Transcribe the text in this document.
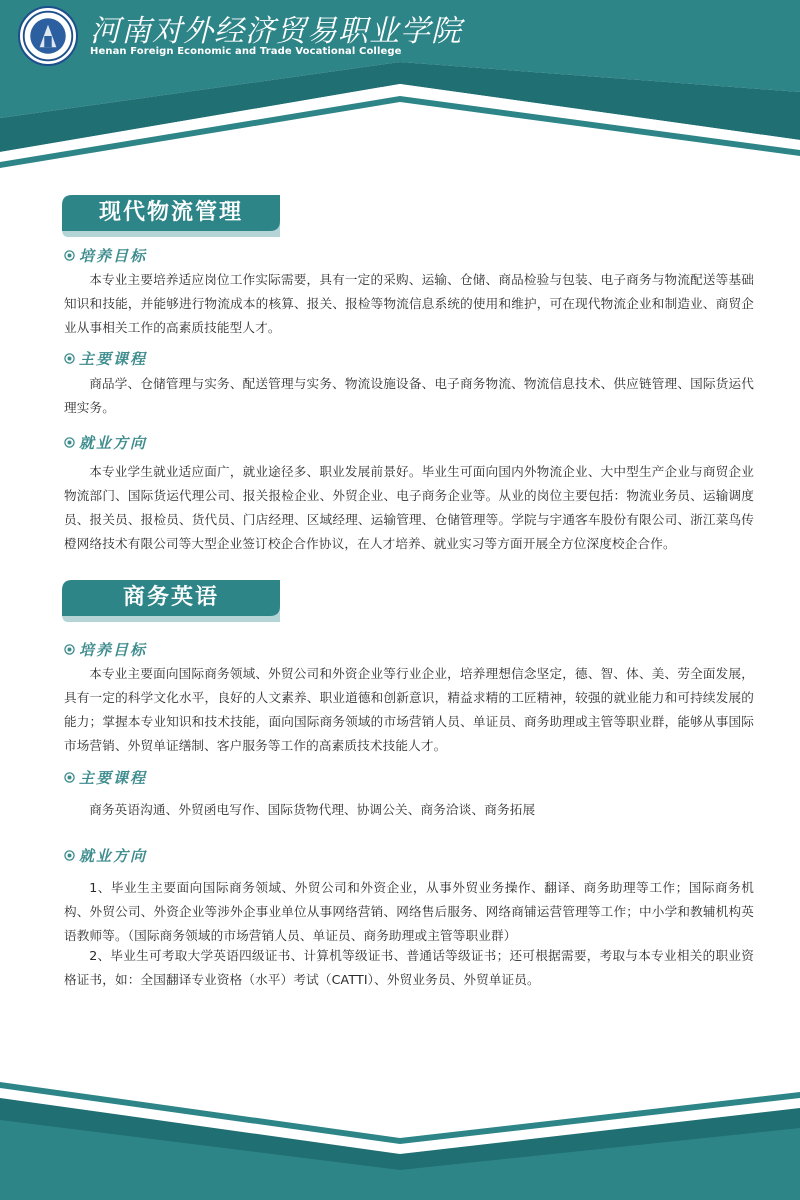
河南对外经济贸易职业学院
Henan Foreign Economic and Trade Vocational College
现代物流管理
培养目标

本专业主要培养适应岗位工作实际需要，具有一定的采购、运输、仓储、商品检验与包装、电子商务与物流配送等基础知识和技能，并能够进行物流成本的核算、报关、报检等物流信息系统的使用和维护，可在现代物流企业和制造业、商贸企业从事相关工作的高素质技能型人才。

主要课程

商品学、仓储管理与实务、配送管理与实务、物流设施设备、电子商务物流、物流信息技术、供应链管理、国际货运代理实务。

就业方向

本专业学生就业适应面广，就业途径多、职业发展前景好。毕业生可面向国内外物流企业、大中型生产企业与商贸企业物流部门、国际货运代理公司、报关报检企业、外贸企业、电子商务企业等。从业的岗位主要包括：物流业务员、运输调度员、报关员、报检员、货代员、门店经理、区域经理、运输管理、仓储管理等。学院与宇通客车股份有限公司、浙江菜鸟传橙网络技术有限公司等大型企业签订校企合作协议，在人才培养、就业实习等方面开展全方位深度校企合作。

商务英语
培养目标

本专业主要面向国际商务领域、外贸公司和外资企业等行业企业，培养理想信念坚定，德、智、体、美、劳全面发展，具有一定的科学文化水平，良好的人文素养、职业道德和创新意识，精益求精的工匠精神，较强的就业能力和可持续发展的能力；掌握本专业知识和技术技能，面向国际商务领域的市场营销人员、单证员、商务助理或主管等职业群，能够从事国际市场营销、外贸单证缮制、客户服务等工作的高素质技术技能人才。

主要课程

商务英语沟通、外贸函电写作、国际货物代理、协调公关、商务洽谈、商务拓展

就业方向

1、毕业生主要面向国际商务领域、外贸公司和外资企业，从事外贸业务操作、翻译、商务助理等工作；国际商务机构、外贸公司、外资企业等涉外企事业单位从事网络营销、网络售后服务、网络商铺运营管理等工作；中小学和教辅机构英语教师等。（国际商务领域的市场营销人员、单证员、商务助理或主管等职业群）

2、毕业生可考取大学英语四级证书、计算机等级证书、普通话等级证书；还可根据需要，考取与本专业相关的职业资格证书，如：全国翻译专业资格（水平）考试（CATTI）、外贸业务员、外贸单证员。
